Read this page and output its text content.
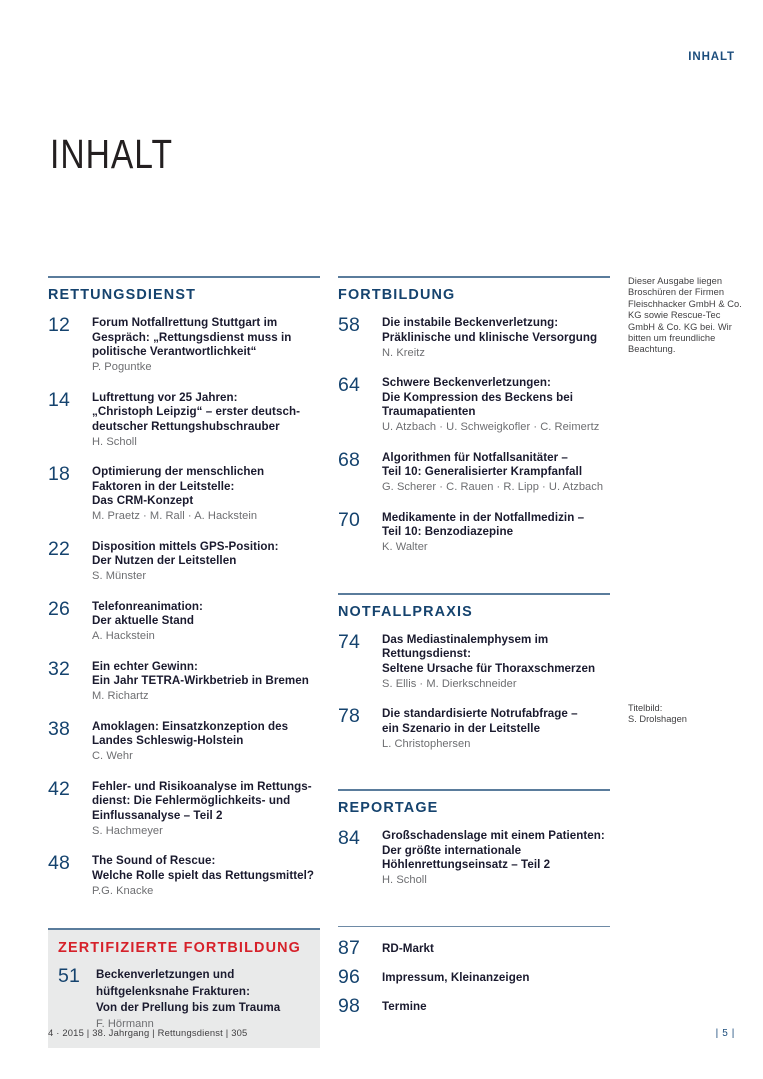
INHALT
INHALT
RETTUNGSDIENST
12	Forum Notfallrettung Stuttgart im
Gespräch: „Rettungsdienst muss in
politische Verantwortlichkeit“
P. Poguntke
14	Luftrettung vor 25 Jahren:
„Christoph Leipzig“ – erster deutsch-
deutscher Rettungshubschrauber
H. Scholl
18	Optimierung der menschlichen
Faktoren in der Leitstelle:
Das CRM-Konzept
M. Praetz · M. Rall · A. Hackstein
22	Disposition mittels GPS-Position:
Der Nutzen der Leitstellen
S. Münster
26	Telefonreanimation:
Der aktuelle Stand
A. Hackstein
32	Ein echter Gewinn:
Ein Jahr TETRA-Wirkbetrieb in Bremen
M. Richartz
38	Amoklagen: Einsatzkonzeption des
Landes Schleswig-Holstein
C. Wehr
42	Fehler- und Risikoanalyse im Rettungs-
dienst: Die Fehlermöglichkeits- und
Einflussanalyse – Teil 2
S. Hachmeyer
48	The Sound of Rescue:
Welche Rolle spielt das Rettungsmittel?
P.G. Knacke
ZERTIFIZIERTE FORTBILDUNG
51	Beckenverletzungen und
hüftgelenksnahe Frakturen:
Von der Prellung bis zum Trauma
F. Hörmann
FORTBILDUNG
58	Die instabile Beckenverletzung:
Präklinische und klinische Versorgung
N. Kreitz
64	Schwere Beckenverletzungen:
Die Kompression des Beckens bei
Traumapatienten
U. Atzbach · U. Schweigkofler · C. Reimertz
68	Algorithmen für Notfallsanitäter –
Teil 10: Generalisierter Krampfanfall
G. Scherer · C. Rauen · R. Lipp · U. Atzbach
70	Medikamente in der Notfallmedizin –
Teil 10: Benzodiazepine
K. Walter
NOTFALLPRAXIS
74	Das Mediastinalemphysem im
Rettungsdienst:
Seltene Ursache für Thoraxschmerzen
S. Ellis · M. Dierkschneider
78	Die standardisierte Notrufabfrage –
ein Szenario in der Leitstelle
L. Christophersen
REPORTAGE
84	Großschadenslage mit einem Patienten:
Der größte internationale
Höhlenrettungseinsatz – Teil 2
H. Scholl
87	RD-Markt
96	Impressum, Kleinanzeigen
98	Termine
Dieser Ausgabe liegen Broschüren der Firmen Fleischhacker GmbH & Co. KG sowie Rescue-Tec GmbH & Co. KG bei. Wir bitten um freundliche Beachtung.
Titelbild:
S. Drolshagen
4 · 2015 | 38. Jahrgang | Rettungsdienst | 305	| 5 |
